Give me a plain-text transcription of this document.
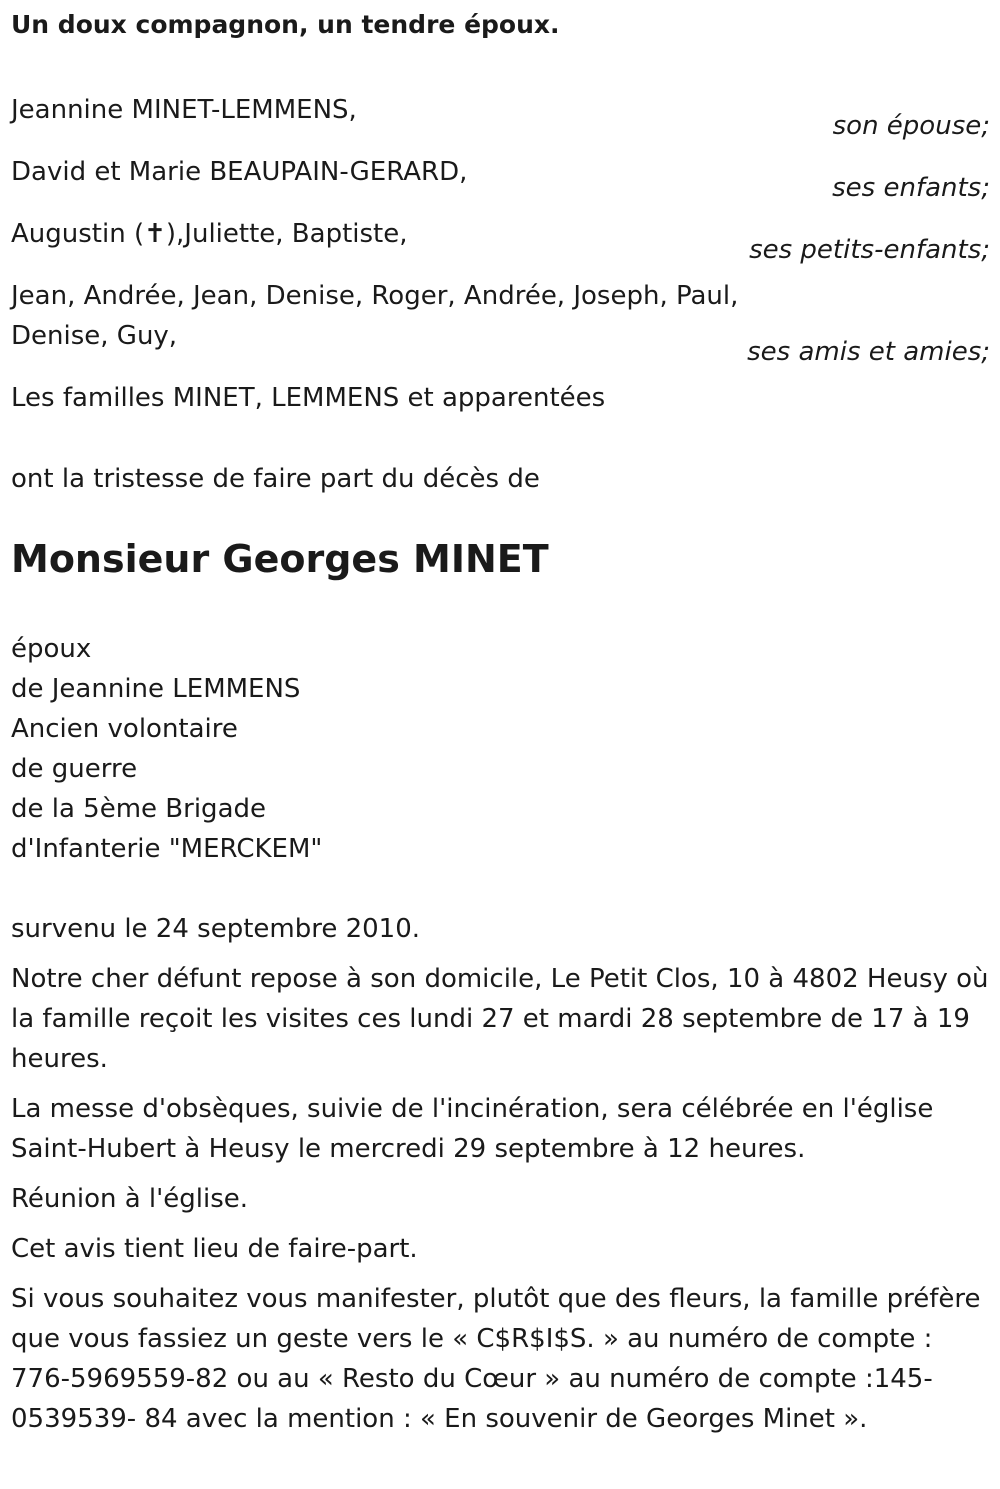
Un doux compagnon, un tendre époux.
Jeannine MINET-LEMMENS,
son épouse;
David et Marie BEAUPAIN-GERARD,
ses enfants;
Augustin (✝),Juliette, Baptiste,
ses petits-enfants;
Jean, Andrée, Jean, Denise, Roger, Andrée, Joseph, Paul,
Denise, Guy,
ses amis et amies;
Les familles MINET, LEMMENS et apparentées
ont la tristesse de faire part du décès de
Monsieur Georges MINET
époux
de Jeannine LEMMENS
Ancien volontaire
de guerre
de la 5ème Brigade
d'Infanterie "MERCKEM"
survenu le 24 septembre 2010.
Notre cher défunt repose à son domicile, Le Petit Clos, 10 à 4802 Heusy où la famille reçoit les visites ces lundi 27 et mardi 28 septembre de 17 à 19 heures.
La messe d'obsèques, suivie de l'incinération, sera célébrée en l'église Saint-Hubert à Heusy le mercredi 29 septembre à 12 heures.
Réunion à l'église.
Cet avis tient lieu de faire-part.
Si vous souhaitez vous manifester, plutôt que des fleurs, la famille préfère que vous fassiez un geste vers le « C$R$I$S. » au numéro de compte : 776-5969559-82 ou au « Resto du Cœur » au numéro de compte :145-0539539- 84 avec la mention : « En souvenir de Georges Minet ».
